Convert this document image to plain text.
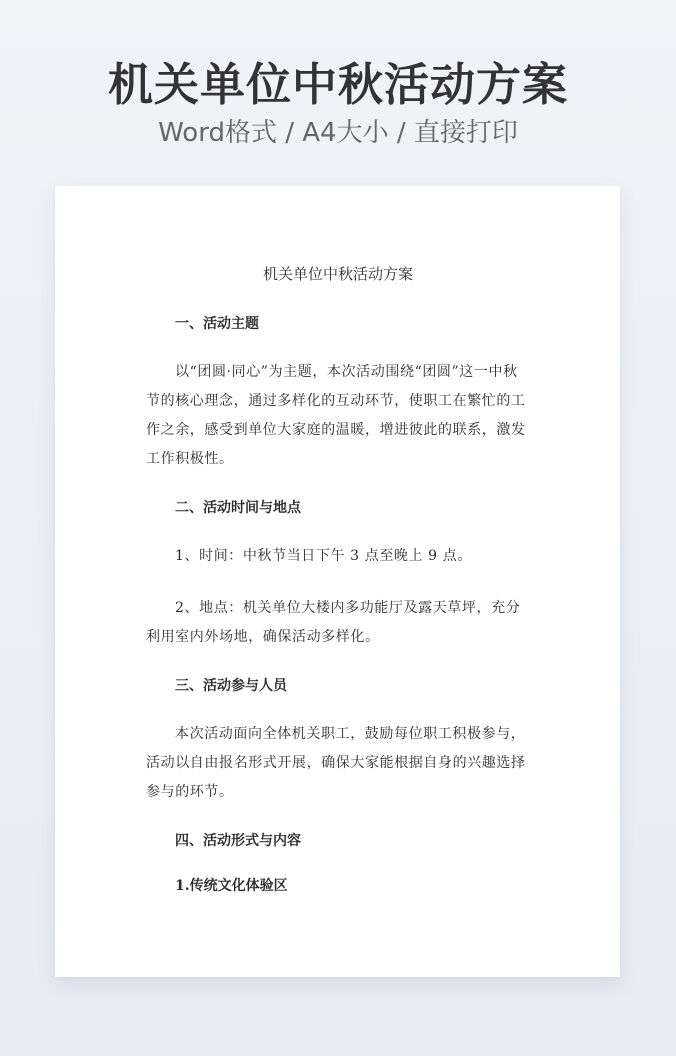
机关单位中秋活动方案
Word格式 / A4大小 / 直接打印
机关单位中秋活动方案
一、活动主题

以“团圆·同心”为主题，本次活动围绕“团圆”这一中秋节的核心理念，通过多样化的互动环节，使职工在繁忙的工作之余，感受到单位大家庭的温暖，增进彼此的联系，激发工作积极性。

二、活动时间与地点

1、时间：中秋节当日下午 3 点至晚上 9 点。

2、地点：机关单位大楼内多功能厅及露天草坪，充分利用室内外场地，确保活动多样化。

三、活动参与人员

本次活动面向全体机关职工，鼓励每位职工积极参与，活动以自由报名形式开展，确保大家能根据自身的兴趣选择参与的环节。

四、活动形式与内容
1.传统文化体验区
